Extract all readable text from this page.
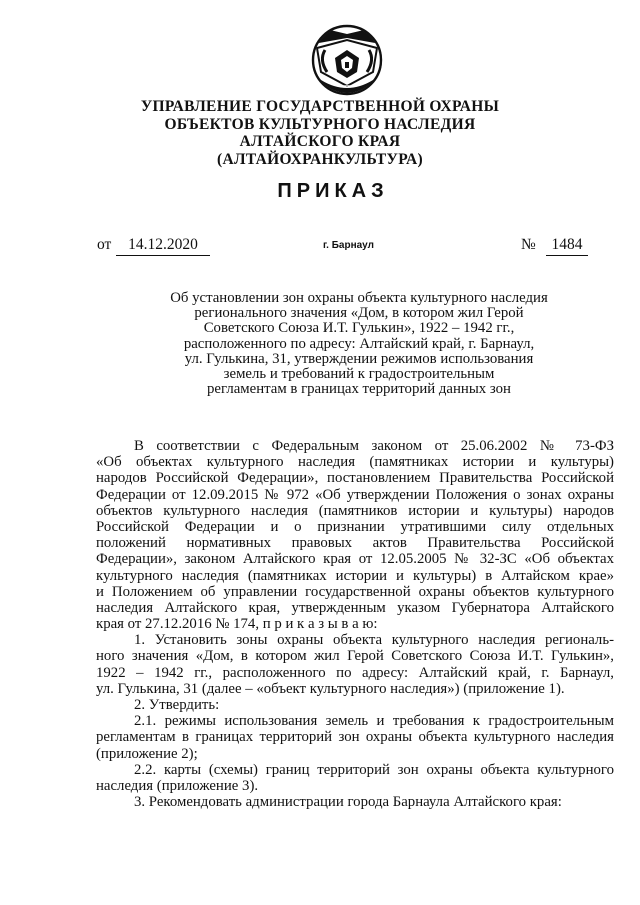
УПРАВЛЕНИЕ ГОСУДАРСТВЕННОЙ ОХРАНЫ
ОБЪЕКТОВ КУЛЬТУРНОГО НАСЛЕДИЯ
АЛТАЙСКОГО КРАЯ
(АЛТАЙОХРАНКУЛЬТУРА)
ПРИКАЗ
от	14.12.2020	г. Барнаул	№	1484
Об установлении зон охраны объекта культурного наследия
регионального значения «Дом, в котором жил Герой
Советского Союза И.Т. Гулькин», 1922 – 1942 гг.,
расположенного по адресу: Алтайский край, г. Барнаул,
ул. Гулькина, 31, утверждении режимов использования
земель и требований к градостроительным
регламентам в границах территорий данных зон
В соответствии с Федеральным законом от 25.06.2002 № 73-ФЗ
«Об объектах культурного наследия (памятниках истории и культуры)
народов Российской Федерации», постановлением Правительства Российской
Федерации от 12.09.2015 № 972 «Об утверждении Положения о зонах охраны
объектов культурного наследия (памятников истории и культуры) народов
Российской Федерации и о признании утратившими силу отдельных
положений нормативных правовых актов Правительства Российской
Федерации», законом Алтайского края от 12.05.2005 № 32-ЗС «Об объектах
культурного наследия (памятниках истории и культуры) в Алтайском крае»
и Положением об управлении государственной охраны объектов культурного
наследия Алтайского края, утвержденным указом Губернатора Алтайского
края от 27.12.2016 № 174, п р и к а з ы в а ю:
1. Установить зоны охраны объекта культурного наследия региональ-
ного значения «Дом, в котором жил Герой Советского Союза И.Т. Гулькин»,
1922 – 1942 гг., расположенного по адресу: Алтайский край, г. Барнаул,
ул. Гулькина, 31 (далее – «объект культурного наследия») (приложение 1).
2. Утвердить:
2.1. режимы использования земель и требования к градостроительным
регламентам в границах территорий зон охраны объекта культурного наследия
(приложение 2);
2.2. карты (схемы) границ территорий зон охраны объекта культурного
наследия (приложение 3).
3. Рекомендовать администрации города Барнаула Алтайского края:
